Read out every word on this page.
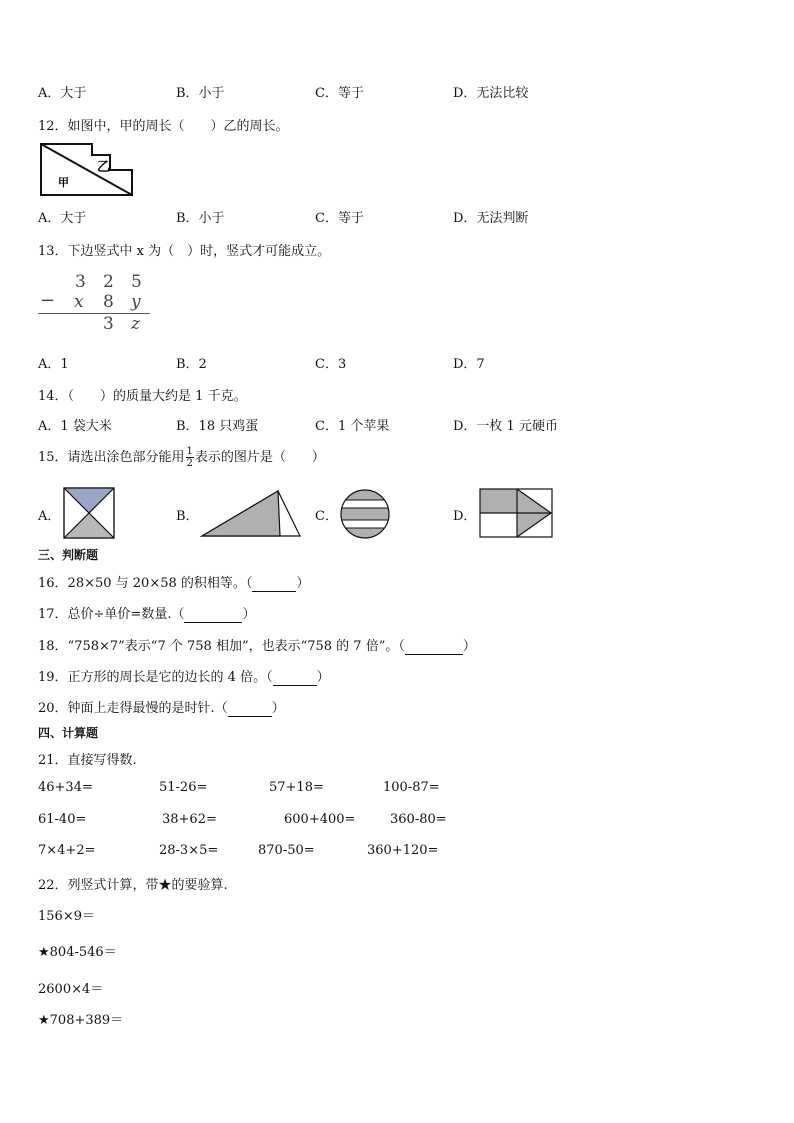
A．大于	B．小于	C．等于	D．无法比较
12．如图中，甲的周长（　　）乙的周长。
甲
乙
A．大于	B．小于	C．等于	D．无法判断
13．下边竖式中 x 为（　）时，竖式才可能成立。
3 2 5
− x 8 y
3 z
A．1	B．2	C．3	D．7
14．（　　）的质量大约是 1 千克。
A．1 袋大米	B．18 只鸡蛋	C．1 个苹果	D．一枚 1 元硬币
15．请选出涂色部分能用 $\frac{1}{2}$ 表示的图片是（　　）
A．	B．	C．	D．
三、判断题
16．28×50 与 20×58 的积相等。（	）
17．总价÷单价=数量.（	）
18．“758×7”表示“7 个 758 相加”，也表示“758 的 7 倍”。（	）
19．正方形的周长是它的边长的 4 倍。（	）
20．钟面上走得最慢的是时针.（	）
四、计算题
21．直接写得数.
46+34=	51-26=	57+18=	100-87=
61-40=	38+62=	600+400=	360-80=
7×4+2=	28-3×5=	870-50=	360+120=
22．列竖式计算，带★的要验算.
156×9＝
★804-546＝
2600×4＝
★708+389＝
